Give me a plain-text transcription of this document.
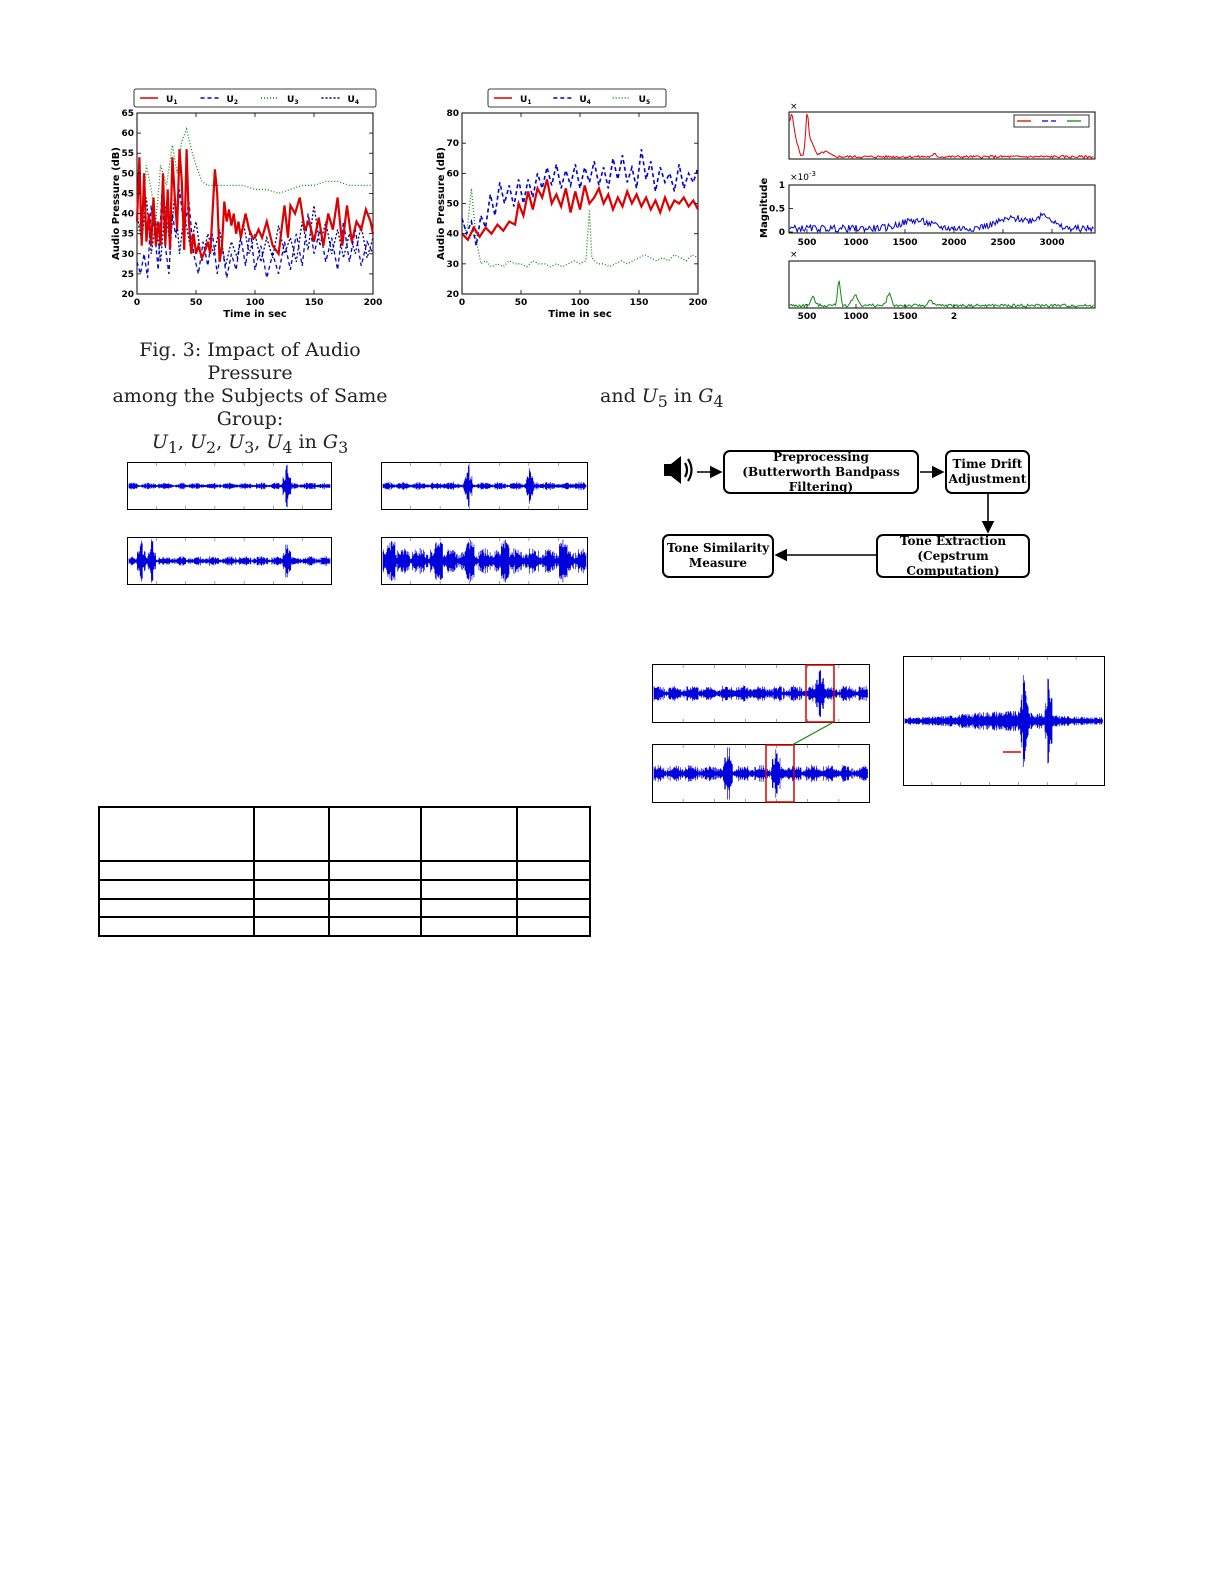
20
25
30
35
40
45
50
55
60
65
0	50	100	150	200
Time in sec
Audio Pressure (dB)
$U_1$	$U_2$	$U_3$	$U_4$
20
30
40
50
60
70
80
0	50	100	150	200
Time in sec
Audio Pressure (dB)
$U_1$	$U_4$	$U_5$
Magnitude
×
$\times 10^{-3}$
0
0.5
1
500	1000	1500	2000	2500	3000
×
500	1000	1500	2
Fig. 3: Impact of Audio Pressure
among the Subjects of Same Group:
$U_1$, $U_2$, $U_3$, $U_4$ in $G_3$
and $U_5$ in $G_4$
Preprocessing
(Butterworth Bandpass Filtering)
Time Drift
Adjustment
Tone Extraction
(Cepstrum Computation)
Tone Similarity
Measure
